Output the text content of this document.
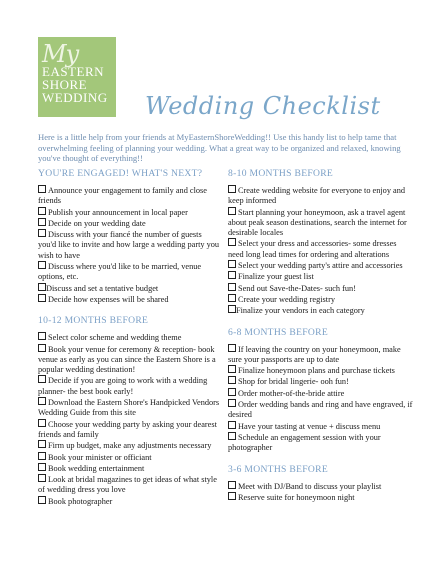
My
EASTERN
SHORE
WEDDING Wedding Checklist
Here is a little help from your friends at MyEasternShoreWedding!! Use this handy list to help tame that overwhelming feeling of planning your wedding. What a great way to be organized and relaxed, knowing you've thought of everything!!
YOU'RE ENGAGED! WHAT'S NEXT?
Announce your engagement to family and close friends
Publish your announcement in local paper
Decide on your wedding date
Discuss with your fiancé the number of guests you'd like to invite and how large a wedding party you wish to have
Discuss where you'd like to be married, venue options, etc.
Discuss and set a tentative budget
Decide how expenses will be shared
10-12 MONTHS BEFORE
Select color scheme and wedding theme
Book your venue for ceremony & reception- book venue as early as you can since the Eastern Shore is a popular wedding destination!
Decide if you are going to work with a wedding planner- the best book early!
Download the Eastern Shore's Handpicked Vendors Wedding Guide from this site
Choose your wedding party by asking your dearest friends and family
Firm up budget, make any adjustments necessary
Book your minister or officiant
Book wedding entertainment
Look at bridal magazines to get ideas of what style of wedding dress you love
Book photographer
8-10 MONTHS BEFORE
Create wedding website for everyone to enjoy and keep informed
Start planning your honeymoon, ask a travel agent about peak season destinations, search the internet for desirable locales
Select your dress and accessories- some dresses need long lead times for ordering and alterations
Select your wedding party's attire and accessories
Finalize your guest list
Send out Save-the-Dates- such fun!
Create your wedding registry
Finalize your vendors in each category
6-8 MONTHS BEFORE
If leaving the country on your honeymoon, make sure your passports are up to date
Finalize honeymoon plans and purchase tickets
Shop for bridal lingerie- ooh fun!
Order mother-of-the-bride attire
Order wedding bands and ring and have engraved, if desired
Have your tasting at venue + discuss menu
Schedule an engagement session with your photographer
3-6 MONTHS BEFORE
Meet with DJ/Band to discuss your playlist
Reserve suite for honeymoon night
